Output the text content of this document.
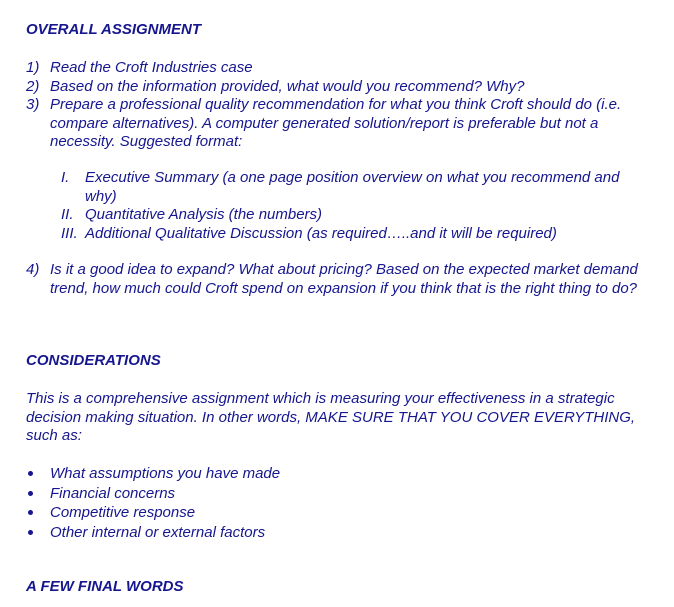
OVERALL ASSIGNMENT
1) Read the Croft Industries case
2) Based on the information provided, what would you recommend? Why?
3) Prepare a professional quality recommendation for what you think Croft should do (i.e. compare alternatives). A computer generated solution/report is preferable but not a necessity. Suggested format:
I.	Executive Summary (a one page position overview on what you recommend and why)
II. Quantitative Analysis (the numbers)
III. Additional Qualitative Discussion (as required…..and it will be required)
4) Is it a good idea to expand? What about pricing? Based on the expected market demand trend, how much could Croft spend on expansion if you think that is the right thing to do?
CONSIDERATIONS

This is a comprehensive assignment which is measuring your effectiveness in a strategic decision making situation. In other words, MAKE SURE THAT YOU COVER EVERYTHING, such as:

What assumptions you have made
Financial concerns
Competitive response
Other internal or external factors
A FEW FINAL WORDS
